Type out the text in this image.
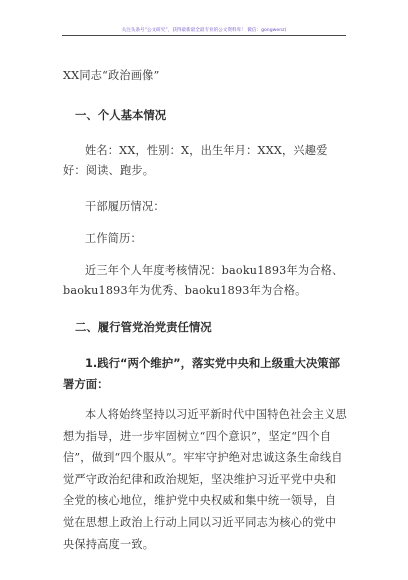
关注头条号“公文研究”，获得最新最全最专业的公文资料库！ 微信：gongwenz)

XX同志“政治画像”

一、个人基本情况

姓名：XX，性别：X，出生年月：XXX，兴趣爱好：阅读、跑步。

干部履历情况：

工作简历：

近三年个人年度考核情况：baoku1893年为合格、baoku1893年为优秀、baoku1893年为合格。

二、履行管党治党责任情况

1.践行“两个维护”，落实党中央和上级重大决策部署方面：

本人将始终坚持以习近平新时代中国特色社会主义思想为指导，进一步牢固树立“四个意识”，坚定“四个自信”，做到“四个服从”。牢牢守护绝对忠诚这条生命线自觉严守政治纪律和政治规矩，坚决维护习近平党中央和全党的核心地位，维护党中央权威和集中统一领导，自觉在思想上政治上行动上同以习近平同志为核心的党中央保持高度一致。
